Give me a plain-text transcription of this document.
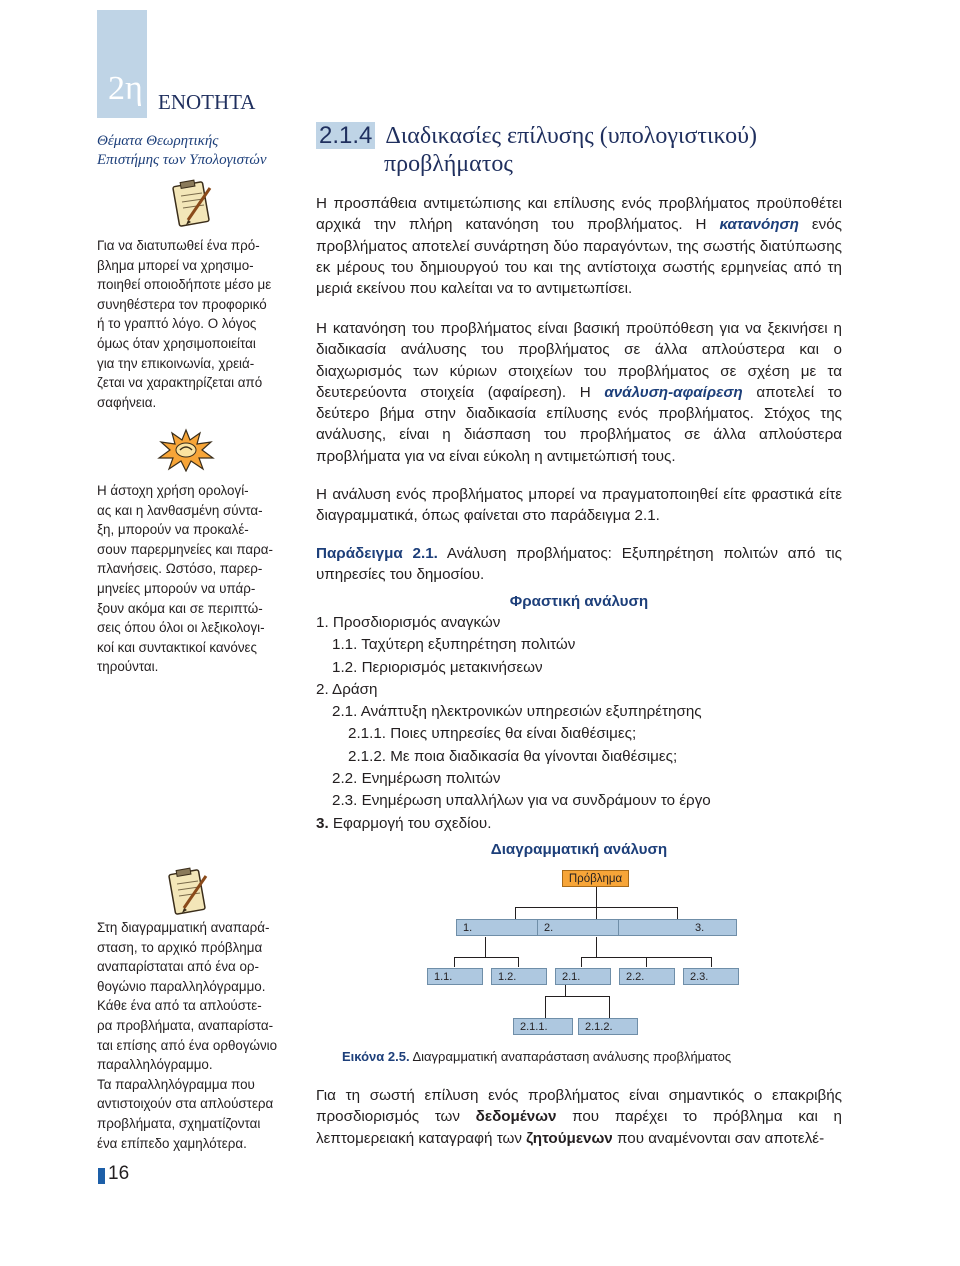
2η ΕΝΟΤΗΤΑ
Θέματα Θεωρητικής
Επιστήμης των Υπολογιστών
Για να διατυπωθεί ένα πρό-
βλημα μπορεί να χρησιμο-
ποιηθεί οποιοδήποτε μέσο με
συνηθέστερα τον προφορικό
ή το γραπτό λόγο. Ο λόγος
όμως όταν χρησιμοποιείται
για την επικοινωνία, χρειά-
ζεται να χαρακτηρίζεται από
σαφήνεια.
Η άστοχη χρήση ορολογί-
ας και η λανθασμένη σύντα-
ξη, μπορούν να προκαλέ-
σουν παρερμηνείες και παρα-
πλανήσεις. Ωστόσο, παρερ-
μηνείες μπορούν να υπάρ-
ξουν ακόμα και σε περιπτώ-
σεις όπου όλοι οι λεξικολογι-
κοί και συντακτικοί κανόνες
τηρούνται.
Στη διαγραμματική αναπαρά-
σταση, το αρχικό πρόβλημα
αναπαρίσταται από ένα ορ-
θογώνιο παραλληλόγραμμο.
Κάθε ένα από τα απλούστε-
ρα προβλήματα, αναπαρίστα-
ται επίσης από ένα ορθογώνιο
παραλληλόγραμμο.
Τα παραλληλόγραμμα που
αντιστοιχούν στα απλούστερα
προβλήματα, σχηματίζονται
ένα επίπεδο χαμηλότερα.
2.1.4 Διαδικασίες επίλυσης (υπολογιστικού)
προβλήματος
Η προσπάθεια αντιμετώπισης και επίλυσης ενός προβλήματος προϋποθέτει αρχικά την πλήρη κατανόηση του προβλήματος. Η κατανόηση ενός προβλήματος αποτελεί συνάρτηση δύο παραγόντων, της σωστής διατύπωσης εκ μέρους του δημιουργού του και της αντίστοιχα σωστής ερμηνείας από τη μεριά εκείνου που καλείται να το αντιμετωπίσει.
Η κατανόηση του προβλήματος είναι βασική προϋπόθεση για να ξεκινήσει η διαδικασία ανάλυσης του προβλήματος σε άλλα απλούστερα και ο διαχωρισμός των κύριων στοιχείων του προβλήματος σε σχέση με τα δευτερεύοντα στοιχεία (αφαίρεση). Η ανάλυση-αφαίρεση αποτελεί το δεύτερο βήμα στην διαδικασία επίλυσης ενός προβλήματος. Στόχος της ανάλυσης, είναι η διάσπαση του προβλήματος σε άλλα απλούστερα προβλήματα για να είναι εύκολη η αντιμετώπισή τους.
Η ανάλυση ενός προβλήματος μπορεί να πραγματοποιηθεί είτε φραστικά είτε διαγραμματικά, όπως φαίνεται στο παράδειγμα 2.1.
Παράδειγμα 2.1. Ανάλυση προβλήματος: Εξυπηρέτηση πολιτών από τις υπηρεσίες του δημοσίου.
Φραστική ανάλυση
1. Προσδιορισμός αναγκών
1.1. Ταχύτερη εξυπηρέτηση πολιτών
1.2. Περιορισμός μετακινήσεων
2. Δράση
2.1. Ανάπτυξη ηλεκτρονικών υπηρεσιών εξυπηρέτησης
2.1.1. Ποιες υπηρεσίες θα είναι διαθέσιμες;
2.1.2. Με ποια διαδικασία θα γίνονται διαθέσιμες;
2.2. Ενημέρωση πολιτών
2.3. Ενημέρωση υπαλλήλων για να συνδράμουν το έργο
3. Εφαρμογή του σχεδίου.
Διαγραμματική ανάλυση
Πρόβλημα
1.	2.	3.
1.1.	1.2.	2.1.	2.2.	2.3.
2.1.1.	2.1.2.
Εικόνα 2.5. Διαγραμματική αναπαράσταση ανάλυσης προβλήματος
Για τη σωστή επίλυση ενός προβλήματος είναι σημαντικός ο επακριβής προσδιορισμός των δεδομένων που παρέχει το πρόβλημα και η λεπτομερειακή καταγραφή των ζητούμενων που αναμένονται σαν αποτελέ-
16
